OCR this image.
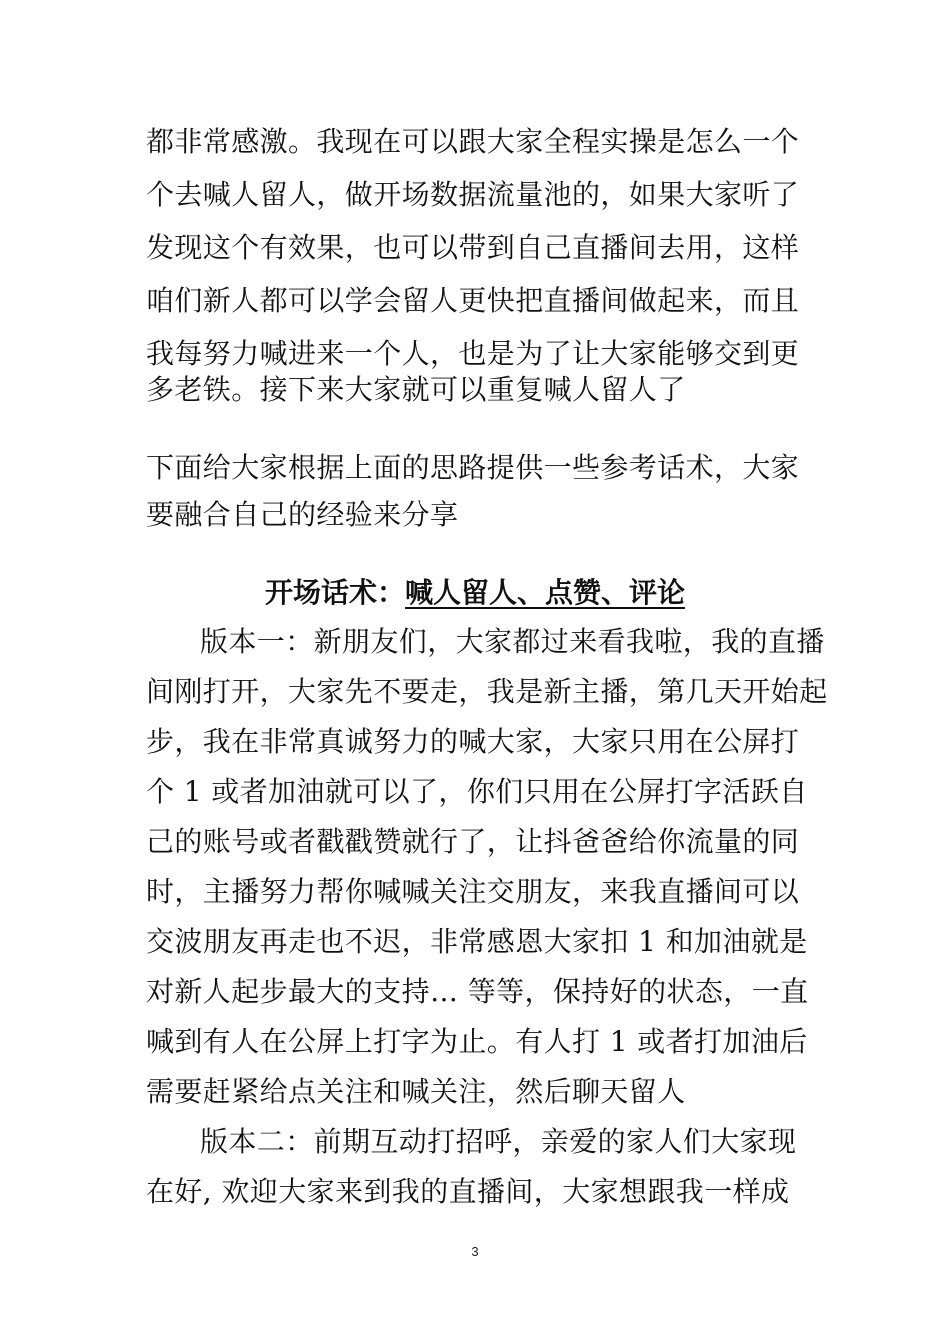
都非常感激。我现在可以跟大家全程实操是怎么一个
个去喊人留人，做开场数据流量池的，如果大家听了
发现这个有效果，也可以带到自己直播间去用，这样
咱们新人都可以学会留人更快把直播间做起来，而且
我每努力喊进来一个人，也是为了让大家能够交到更
多老铁。接下来大家就可以重复喊人留人了
下面给大家根据上面的思路提供一些参考话术，大家
要融合自己的经验来分享
开场话术：喊人留人、点赞、评论
版本一：新朋友们，大家都过来看我啦，我的直播
间刚打开，大家先不要走，我是新主播，第几天开始起
步，我在非常真诚努力的喊大家，大家只用在公屏打
个 1 或者加油就可以了，你们只用在公屏打字活跃自
己的账号或者戳戳赞就行了，让抖爸爸给你流量的同
时，主播努力帮你喊喊关注交朋友，来我直播间可以
交波朋友再走也不迟，非常感恩大家扣 1 和加油就是
对新人起步最大的支持… 等等，保持好的状态，一直
喊到有人在公屏上打字为止。有人打 1 或者打加油后
需要赶紧给点关注和喊关注，然后聊天留人
版本二：前期互动打招呼，亲爱的家人们大家现
在好, 欢迎大家来到我的直播间，大家想跟我一样成
3
